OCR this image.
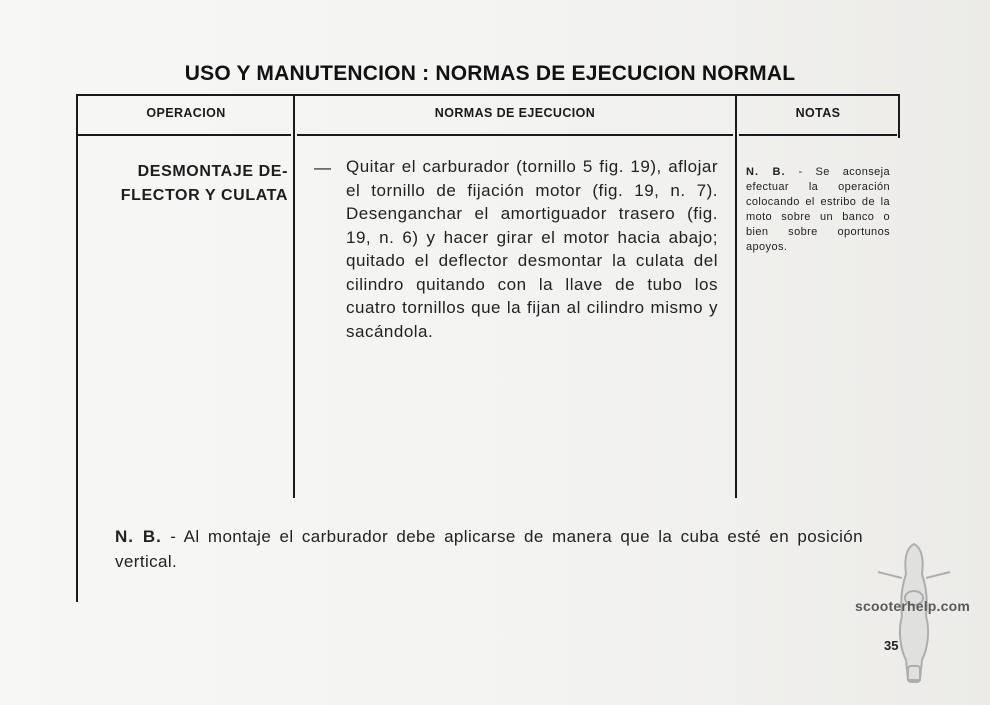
USO Y MANUTENCION : NORMAS DE EJECUCION NORMAL
OPERACION	NORMAS DE EJECUCION	NOTAS
DESMONTAJE DE-
FLECTOR Y CULATA
— Quitar el carburador (tornillo 5 fig. 19), aflojar el tornillo de fijación motor (fig. 19, n. 7). Desenganchar el amortiguador trasero (fig. 19, n. 6) y hacer girar el motor hacia abajo; quitado el deflector desmontar la culata del cilindro quitando con la llave de tubo los cuatro tornillos que la fijan al cilindro mismo y sacándola.
N. B. - Se aconseja efectuar la operación colocando el estribo de la moto sobre un banco o bien sobre oportunos apoyos.
N. B. - Al montaje el carburador debe aplicarse de manera que la cuba esté en posición vertical.
scooterhelp.com
35
